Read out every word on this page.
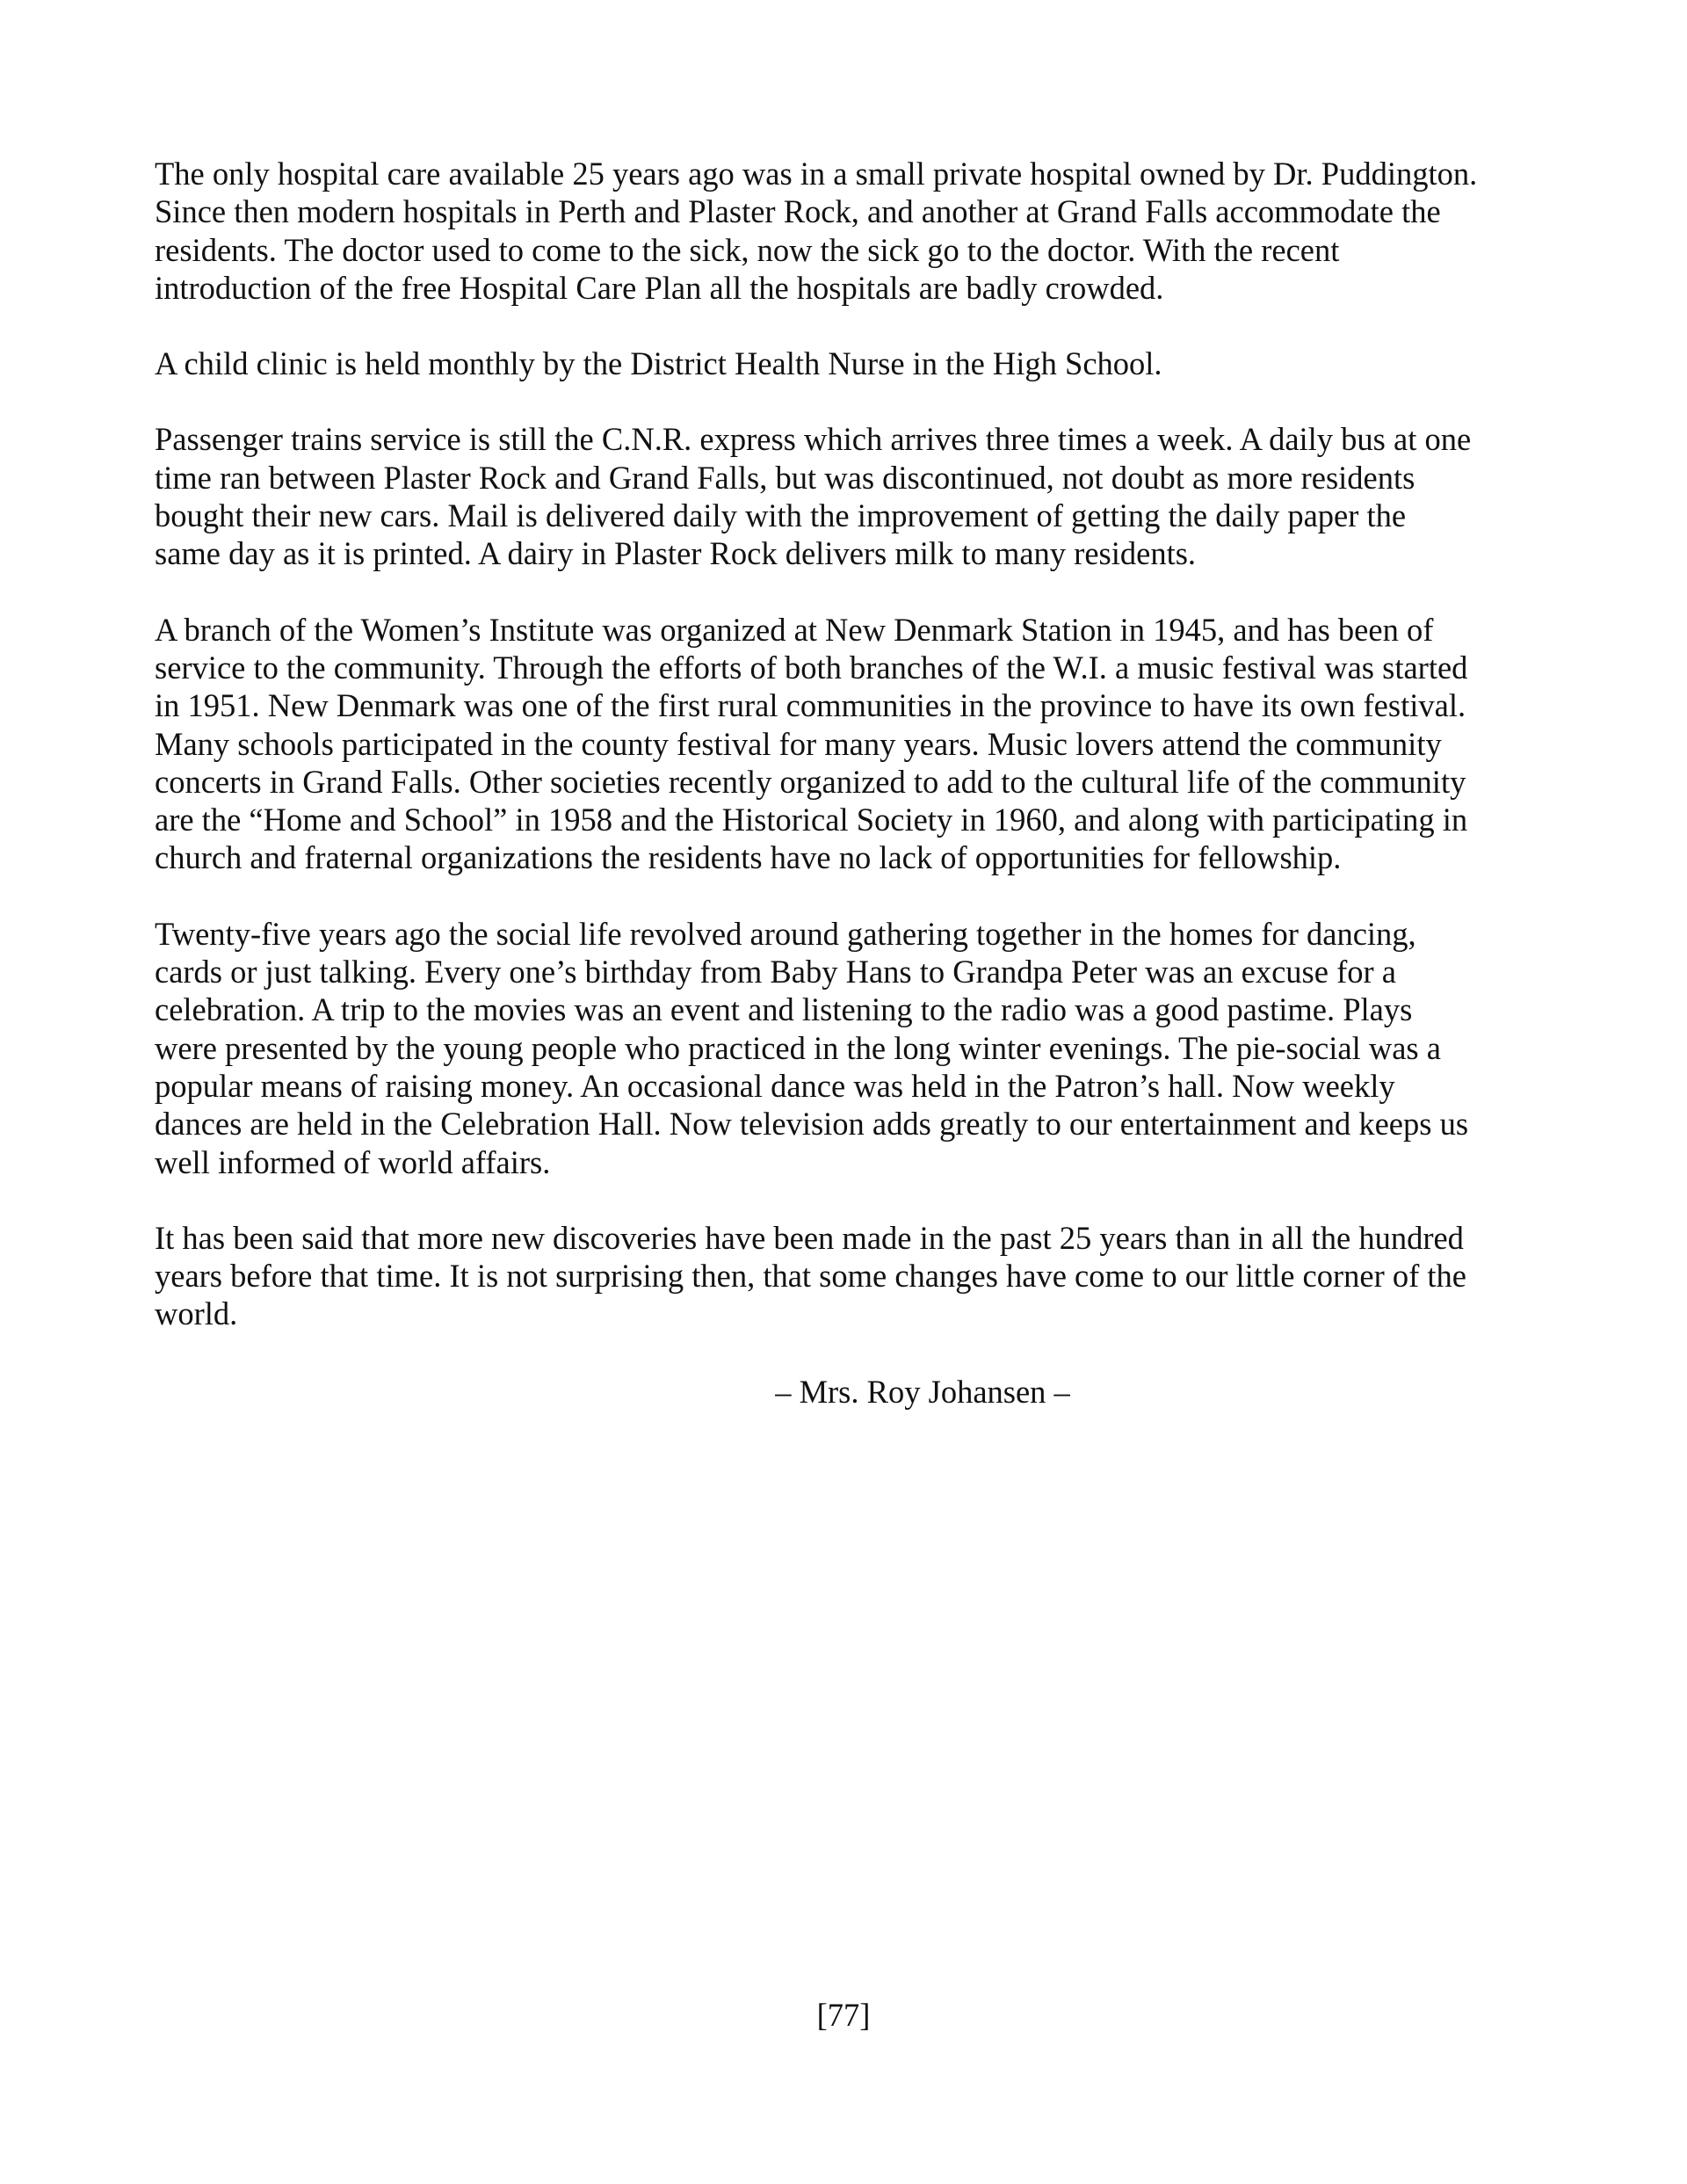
The only hospital care available 25 years ago was in a small private hospital owned by Dr. Puddington.
Since then modern hospitals in Perth and Plaster Rock, and another at Grand Falls accommodate the
residents. The doctor used to come to the sick, now the sick go to the doctor. With the recent
introduction of the free Hospital Care Plan all the hospitals are badly crowded.

A child clinic is held monthly by the District Health Nurse in the High School.

Passenger trains service is still the C.N.R. express which arrives three times a week. A daily bus at one
time ran between Plaster Rock and Grand Falls, but was discontinued, not doubt as more residents
bought their new cars. Mail is delivered daily with the improvement of getting the daily paper the
same day as it is printed. A dairy in Plaster Rock delivers milk to many residents.

A branch of the Women’s Institute was organized at New Denmark Station in 1945, and has been of
service to the community. Through the efforts of both branches of the W.I. a music festival was started
in 1951. New Denmark was one of the first rural communities in the province to have its own festival.
Many schools participated in the county festival for many years. Music lovers attend the community
concerts in Grand Falls. Other societies recently organized to add to the cultural life of the community
are the “Home and School” in 1958 and the Historical Society in 1960, and along with participating in
church and fraternal organizations the residents have no lack of opportunities for fellowship.

Twenty-five years ago the social life revolved around gathering together in the homes for dancing,
cards or just talking. Every one’s birthday from Baby Hans to Grandpa Peter was an excuse for a
celebration. A trip to the movies was an event and listening to the radio was a good pastime. Plays
were presented by the young people who practiced in the long winter evenings. The pie-social was a
popular means of raising money. An occasional dance was held in the Patron’s hall. Now weekly
dances are held in the Celebration Hall. Now television adds greatly to our entertainment and keeps us
well informed of world affairs.

It has been said that more new discoveries have been made in the past 25 years than in all the hundred
years before that time. It is not surprising then, that some changes have come to our little corner of the
world.

– Mrs. Roy Johansen –
[77]
